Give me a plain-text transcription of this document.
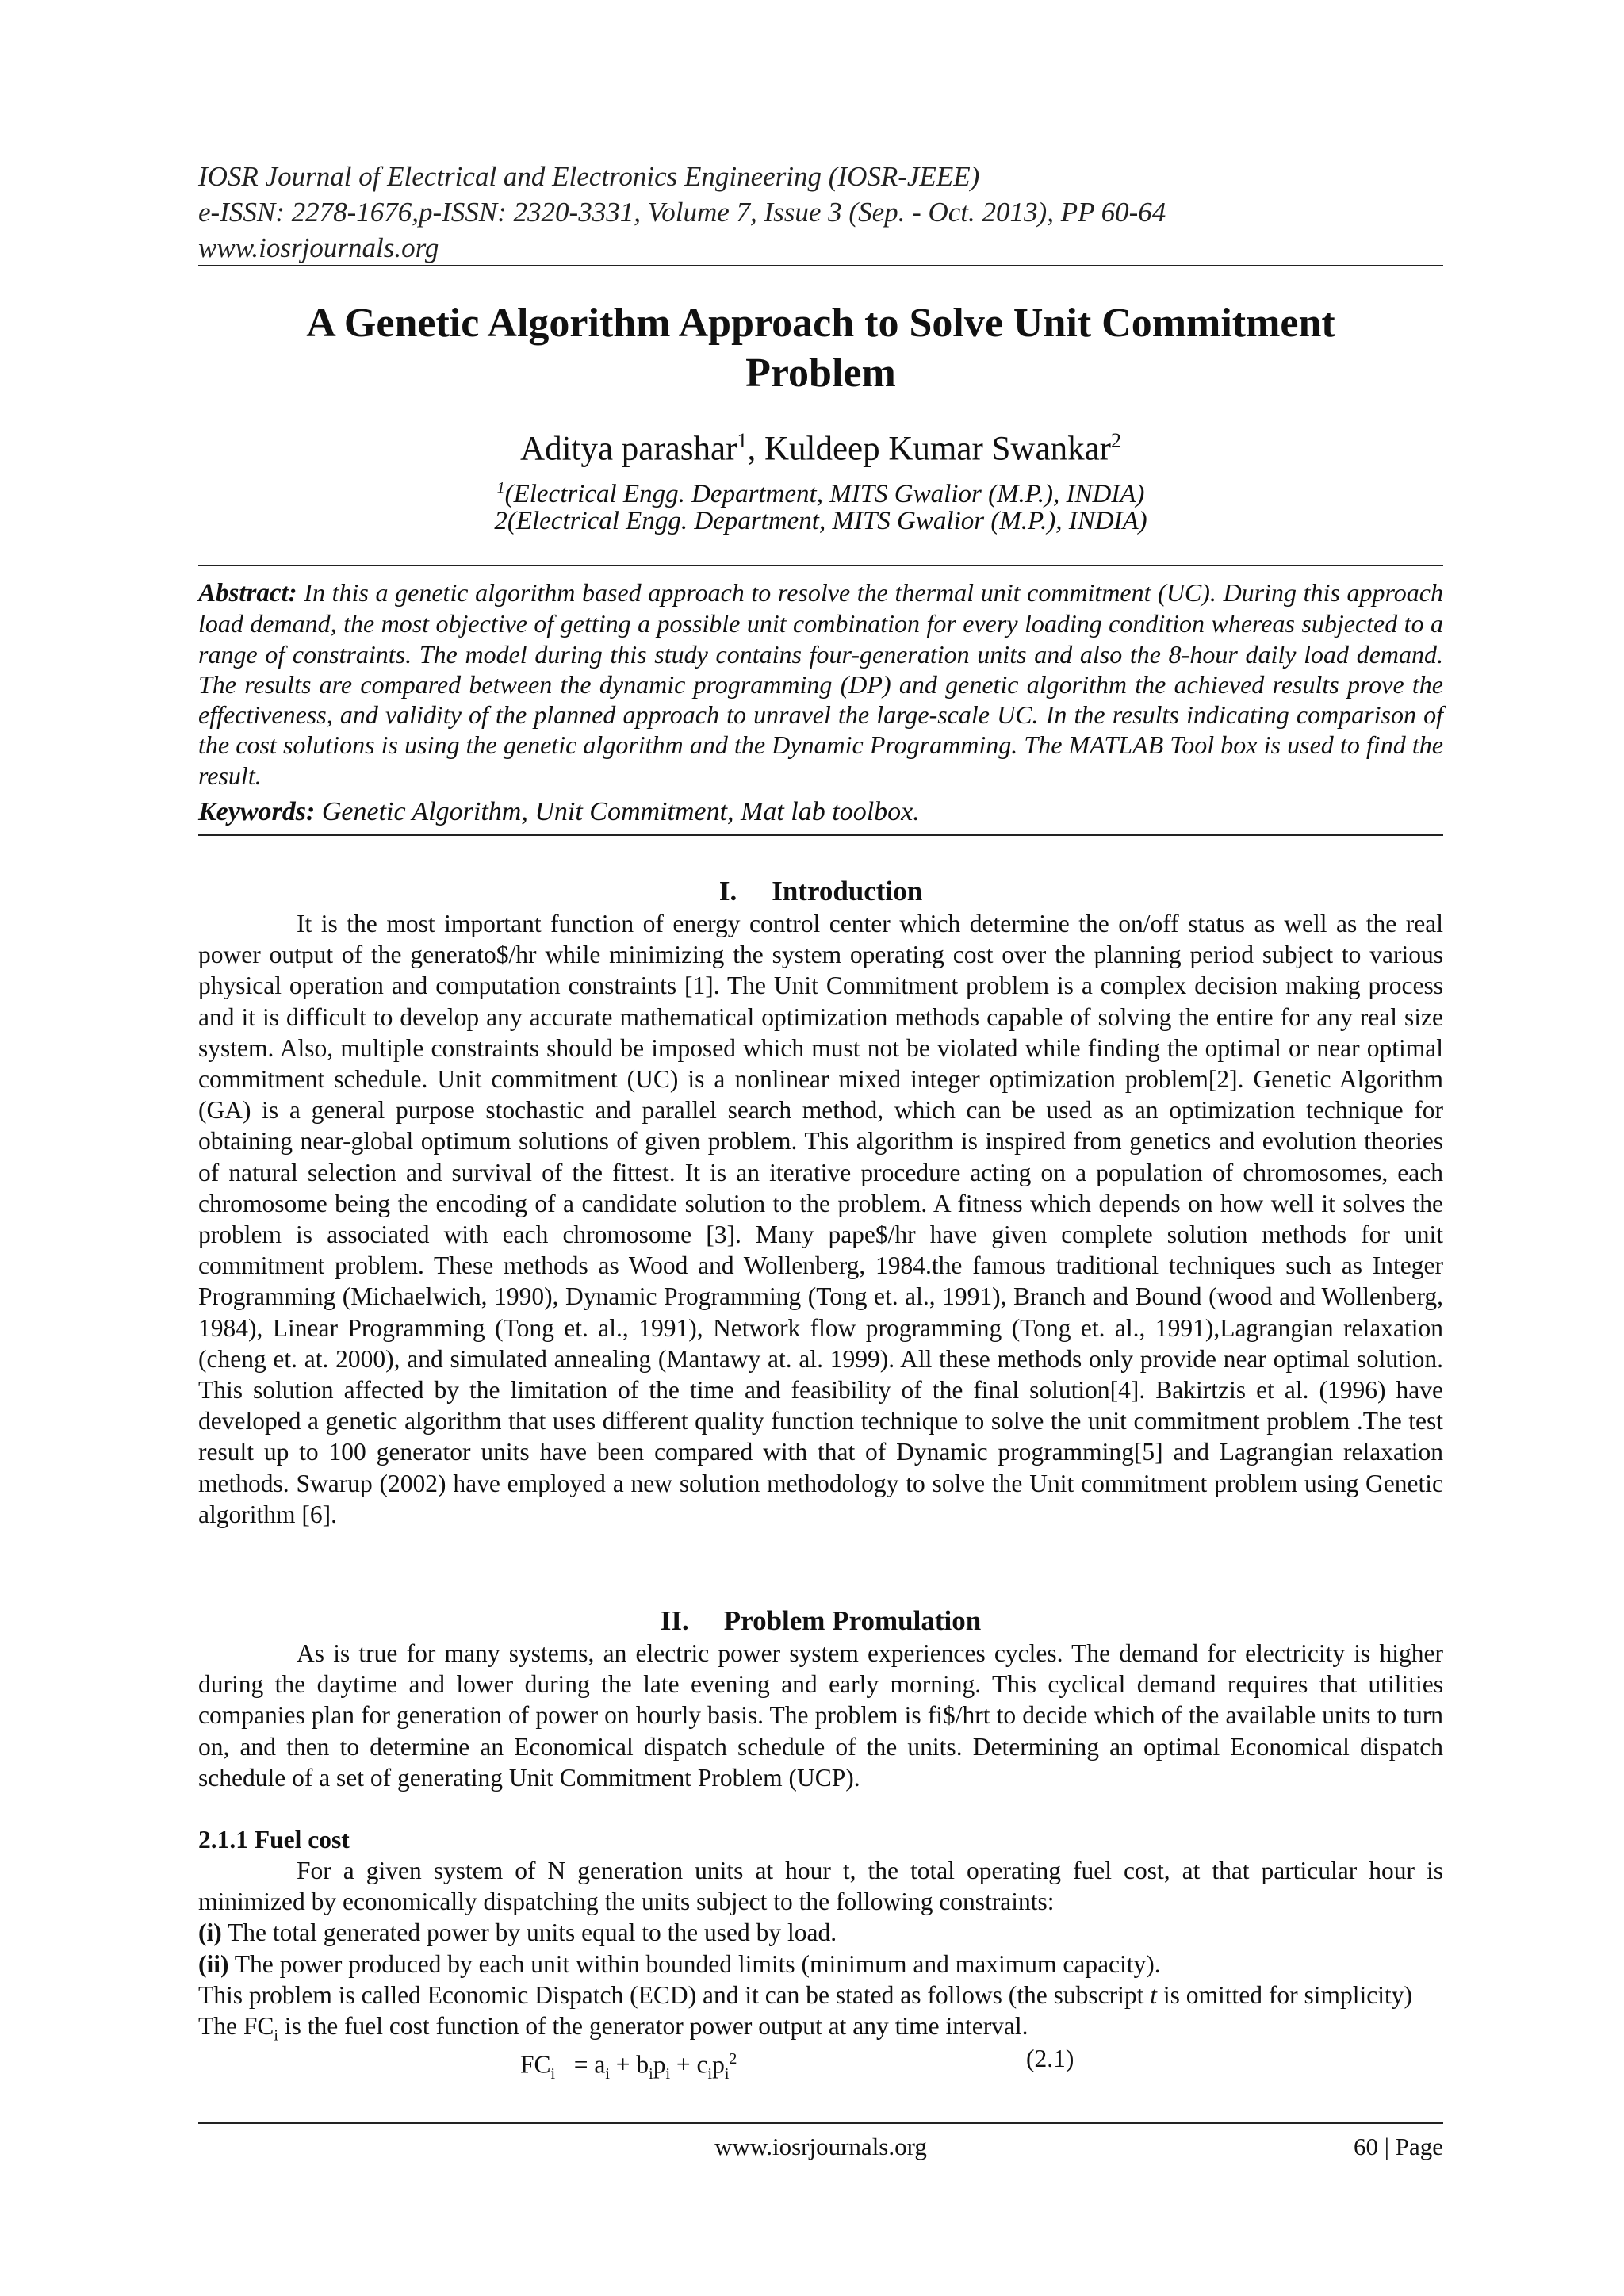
IOSR Journal of Electrical and Electronics Engineering (IOSR-JEEE)
e-ISSN: 2278-1676,p-ISSN: 2320-3331, Volume 7, Issue 3 (Sep. - Oct. 2013), PP 60-64
www.iosrjournals.org
A Genetic Algorithm Approach to Solve Unit Commitment
Problem
Aditya parashar$^1$, Kuldeep Kumar Swankar$^2$
$^1$(Electrical Engg. Department, MITS Gwalior (M.P.), INDIA)
2(Electrical Engg. Department, MITS Gwalior (M.P.), INDIA)
Abstract: In this a genetic algorithm based approach to resolve the thermal unit commitment (UC). During this approach load demand, the most objective of getting a possible unit combination for every loading condition whereas subjected to a range of constraints. The model during this study contains four-generation units and also the 8-hour daily load demand. The results are compared between the dynamic programming (DP) and genetic algorithm the achieved results prove the effectiveness, and validity of the planned approach to unravel the large-scale UC. In the results indicating comparison of the cost solutions is using the genetic algorithm and the Dynamic Programming. The MATLAB Tool box is used to find the result.
Keywords: Genetic Algorithm, Unit Commitment, Mat lab toolbox.
I. Introduction

It is the most important function of energy control center which determine the on/off status as well as the real power output of the generato$/hr while minimizing the system operating cost over the planning period subject to various physical operation and computation constraints [1]. The Unit Commitment problem is a complex decision making process and it is difficult to develop any accurate mathematical optimization methods capable of solving the entire for any real size system. Also, multiple constraints should be imposed which must not be violated while finding the optimal or near optimal commitment schedule. Unit commitment (UC) is a nonlinear mixed integer optimization problem[2]. Genetic Algorithm (GA) is a general purpose stochastic and parallel search method, which can be used as an optimization technique for obtaining near-global optimum solutions of given problem. This algorithm is inspired from genetics and evolution theories of natural selection and survival of the fittest. It is an iterative procedure acting on a population of chromosomes, each chromosome being the encoding of a candidate solution to the problem. A fitness which depends on how well it solves the problem is associated with each chromosome [3]. Many pape$/hr have given complete solution methods for unit commitment problem. These methods as Wood and Wollenberg, 1984.the famous traditional techniques such as Integer Programming (Michaelwich, 1990), Dynamic Programming (Tong et. al., 1991), Branch and Bound (wood and Wollenberg, 1984), Linear Programming (Tong et. al., 1991), Network flow programming (Tong et. al., 1991),Lagrangian relaxation (cheng et. at. 2000), and simulated annealing (Mantawy at. al. 1999). All these methods only provide near optimal solution. This solution affected by the limitation of the time and feasibility of the final solution[4]. Bakirtzis et al. (1996) have developed a genetic algorithm that uses different quality function technique to solve the unit commitment problem .The test result up to 100 generator units have been compared with that of Dynamic programming[5] and Lagrangian relaxation methods. Swarup (2002) have employed a new solution methodology to solve the Unit commitment problem using Genetic algorithm [6].

II. Problem Promulation

As is true for many systems, an electric power system experiences cycles. The demand for electricity is higher during the daytime and lower during the late evening and early morning. This cyclical demand requires that utilities companies plan for generation of power on hourly basis. The problem is fi$/hrt to decide which of the available units to turn on, and then to determine an Economical dispatch schedule of the units. Determining an optimal Economical dispatch schedule of a set of generating Unit Commitment Problem (UCP).

2.1.1 Fuel cost
For a given system of N generation units at hour t, the total operating fuel cost, at that particular hour is minimized by economically dispatching the units subject to the following constraints:
(i) The total generated power by units equal to the used by load.
(ii) The power produced by each unit within bounded limits (minimum and maximum capacity).
This problem is called Economic Dispatch (ECD) and it can be stated as follows (the subscript t is omitted for simplicity)
The $FC_i$ is the fuel cost function of the generator power output at any time interval.
$FC_i = a_i + b_ip_i + c_ip_i^2$	(2.1)
www.iosrjournals.org	60 | Page
